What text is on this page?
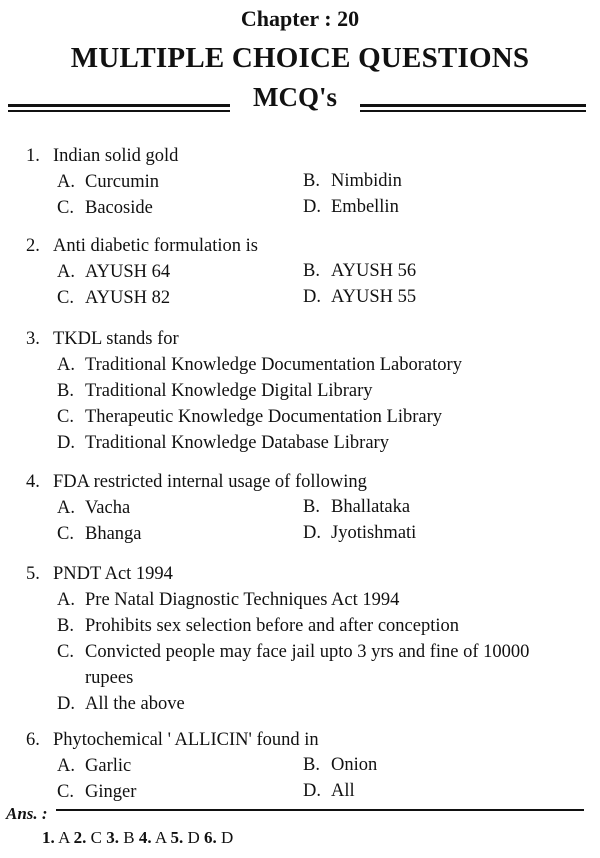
Chapter : 20
MULTIPLE CHOICE QUESTIONS
MCQ's
1. Indian solid gold
A. Curcumin	B. Nimbidin
C. Bacoside	D. Embellin
2. Anti diabetic formulation is
A. AYUSH 64	B. AYUSH 56
C. AYUSH 82	D. AYUSH 55
3. TKDL stands for
A. Traditional Knowledge Documentation Laboratory
B. Traditional Knowledge Digital Library
C. Therapeutic Knowledge Documentation Library
D. Traditional Knowledge Database Library
4. FDA restricted internal usage of following
A. Vacha	B. Bhallataka
C. Bhanga	D. Jyotishmati
5. PNDT Act 1994
A. Pre Natal Diagnostic Techniques Act 1994
B. Prohibits sex selection before and after conception
C. Convicted people may face jail upto 3 yrs and fine of 10000
rupees
D. All the above
6. Phytochemical ' ALLICIN' found in
A. Garlic	B. Onion
C. Ginger	D. All
Ans. :
1. A 2. C 3. B 4. A 5. D 6. D
